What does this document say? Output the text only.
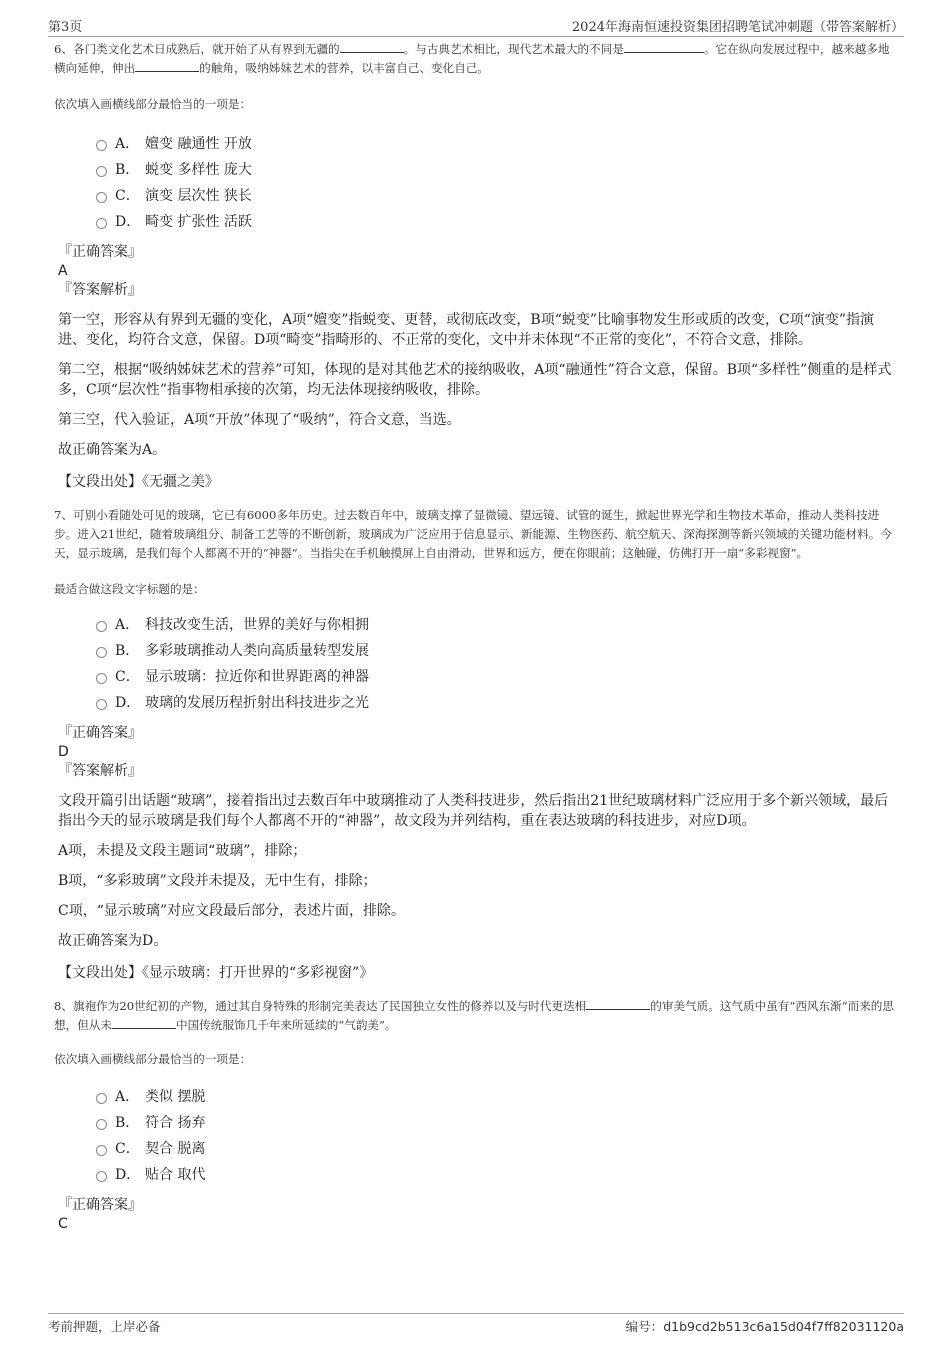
第3页	2024年海南恒速投资集团招聘笔试冲刺题（带答案解析）
6、各门类文化艺术日成熟后，就开始了从有界到无疆的	。与古典艺术相比，现代艺术最大的不同是	。它在纵向发展过程中，越来越多地横向延伸，伸出	的触角，吸纳姊妹艺术的营养，以丰富自己、变化自己。
依次填入画横线部分最恰当的一项是：
A． 嬗变 融通性 开放
B． 蜕变 多样性 庞大
C． 演变 层次性 狭长
D． 畸变 扩张性 活跃
『正确答案』
A
『答案解析』
第一空，形容从有界到无疆的变化，A项“嬗变”指蜕变、更替，或彻底改变，B项“蜕变”比喻事物发生形或质的改变，C项“演变”指演进、变化，均符合文意，保留。D项“畸变”指畸形的、不正常的变化，文中并未体现“不正常的变化”，不符合文意，排除。
第二空，根据“吸纳姊妹艺术的营养”可知，体现的是对其他艺术的接纳吸收，A项“融通性”符合文意，保留。B项“多样性”侧重的是样式多，C项“层次性”指事物相承接的次第，均无法体现接纳吸收，排除。
第三空，代入验证，A项“开放”体现了“吸纳”，符合文意，当选。
故正确答案为A。
【文段出处】《无疆之美》
7、可别小看随处可见的玻璃，它已有6000多年历史。过去数百年中，玻璃支撑了显微镜、望远镜、试管的诞生，掀起世界光学和生物技术革命，推动人类科技进步。进入21世纪，随着玻璃组分、制备工艺等的不断创新，玻璃成为广泛应用于信息显示、新能源、生物医药、航空航天、深海探测等新兴领域的关键功能材料。今天，显示玻璃，是我们每个人都离不开的“神器”。当指尖在手机触摸屏上自由滑动，世界和远方，便在你眼前；这触碰，仿佛打开一扇“多彩视窗”。
最适合做这段文字标题的是：
A． 科技改变生活，世界的美好与你相拥
B． 多彩玻璃推动人类向高质量转型发展
C． 显示玻璃：拉近你和世界距离的神器
D． 玻璃的发展历程折射出科技进步之光
『正确答案』
D
『答案解析』
文段开篇引出话题“玻璃”，接着指出过去数百年中玻璃推动了人类科技进步，然后指出21世纪玻璃材料广泛应用于多个新兴领域，最后指出今天的显示玻璃是我们每个人都离不开的“神器”，故文段为并列结构，重在表达玻璃的科技进步，对应D项。
A项，未提及文段主题词“玻璃”，排除；
B项，“多彩玻璃”文段并未提及，无中生有，排除；
C项，“显示玻璃”对应文段最后部分，表述片面，排除。
故正确答案为D。
【文段出处】《显示玻璃：打开世界的“多彩视窗”》
8、旗袍作为20世纪初的产物，通过其自身特殊的形制完美表达了民国独立女性的修养以及与时代更迭相	的审美气质。这气质中虽有“西风东渐”而来的思想，但从未	中国传统服饰几千年来所延续的“气韵美”。
依次填入画横线部分最恰当的一项是：
A． 类似 摆脱
B． 符合 扬弃
C． 契合 脱离
D． 贴合 取代
『正确答案』
C
考前押题，上岸必备	编号：d1b9cd2b513c6a15d04f7ff82031120a
